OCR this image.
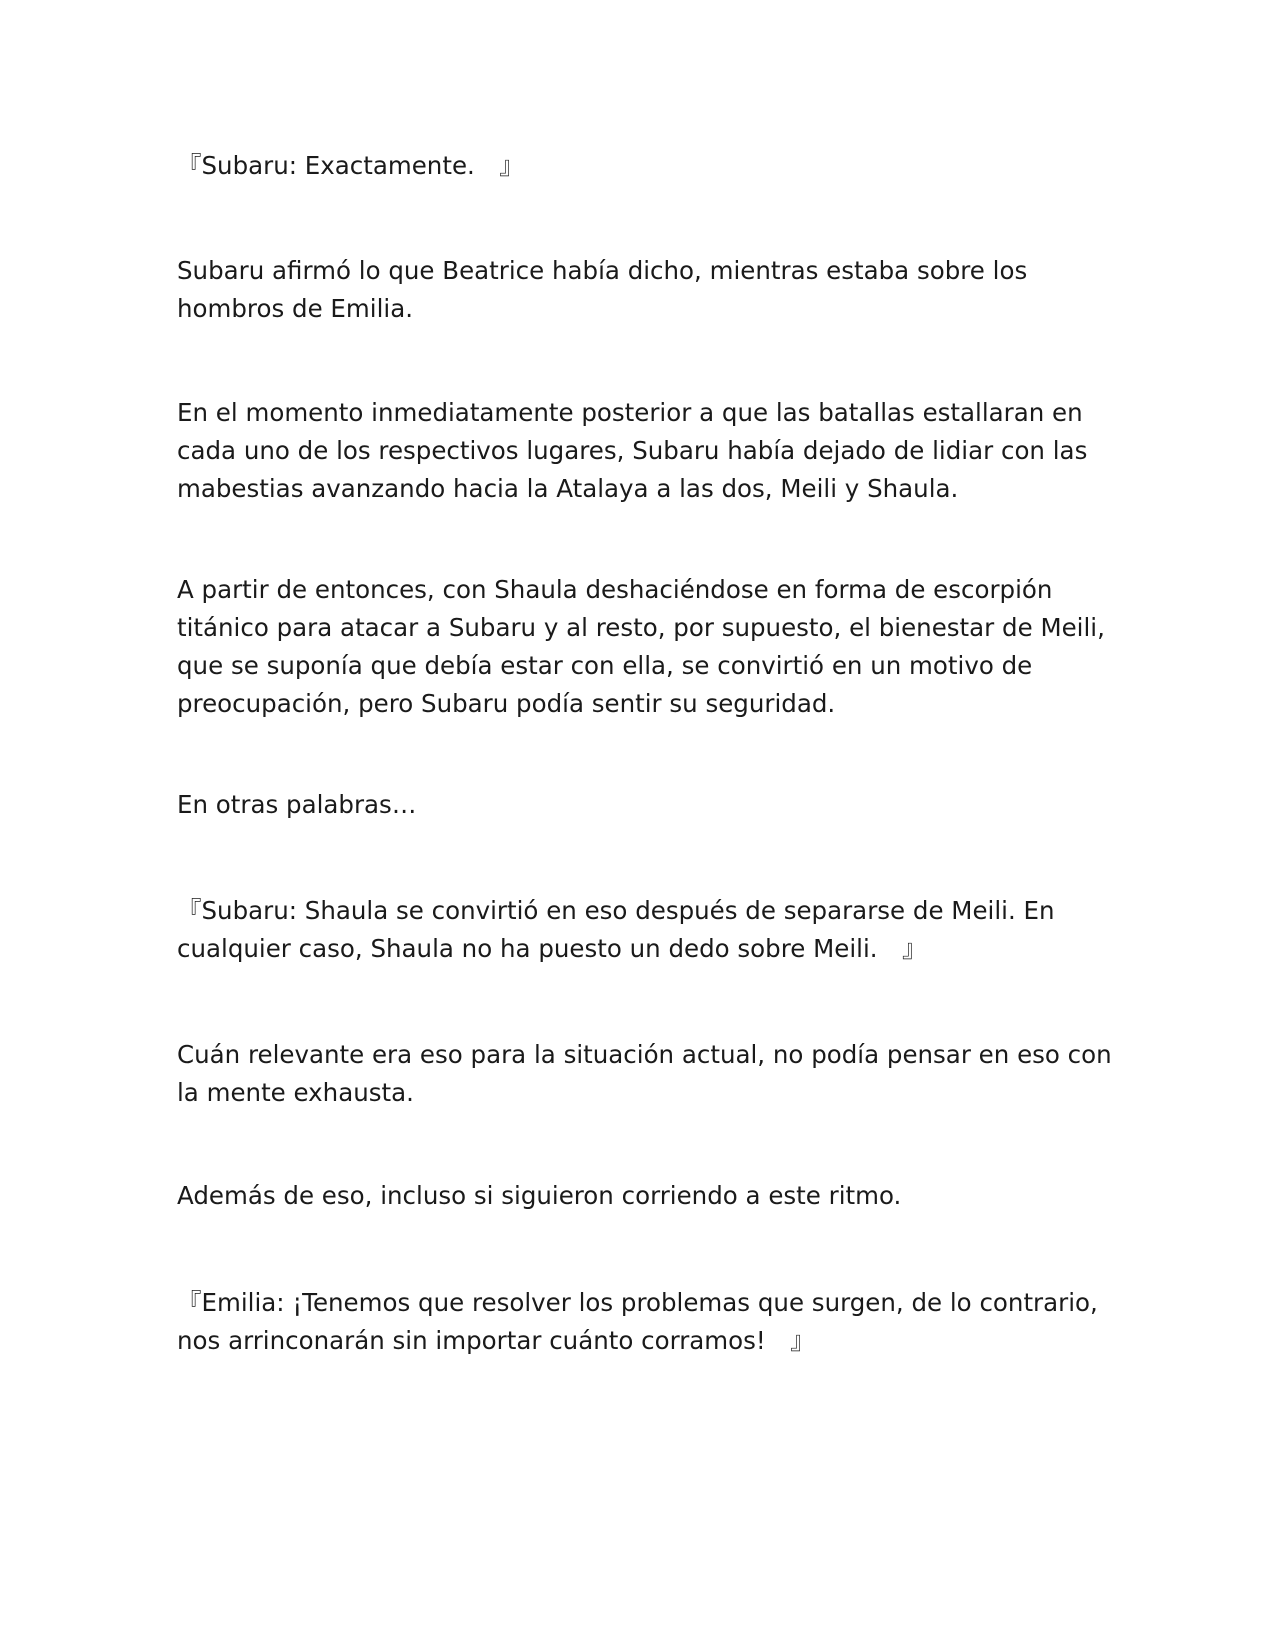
『Subaru: Exactamente.　』

Subaru afirmó lo que Beatrice había dicho, mientras estaba sobre los hombros de Emilia.

En el momento inmediatamente posterior a que las batallas estallaran en cada uno de los respectivos lugares, Subaru había dejado de lidiar con las mabestias avanzando hacia la Atalaya a las dos, Meili y Shaula.

A partir de entonces, con Shaula deshaciéndose en forma de escorpión titánico para atacar a Subaru y al resto, por supuesto, el bienestar de Meili, que se suponía que debía estar con ella, se convirtió en un motivo de preocupación, pero Subaru podía sentir su seguridad.

En otras palabras…

『Subaru: Shaula se convirtió en eso después de separarse de Meili. En cualquier caso, Shaula no ha puesto un dedo sobre Meili.　』

Cuán relevante era eso para la situación actual, no podía pensar en eso con la mente exhausta.

Además de eso, incluso si siguieron corriendo a este ritmo.

『Emilia: ¡Tenemos que resolver los problemas que surgen, de lo contrario, nos arrinconarán sin importar cuánto corramos!　』
